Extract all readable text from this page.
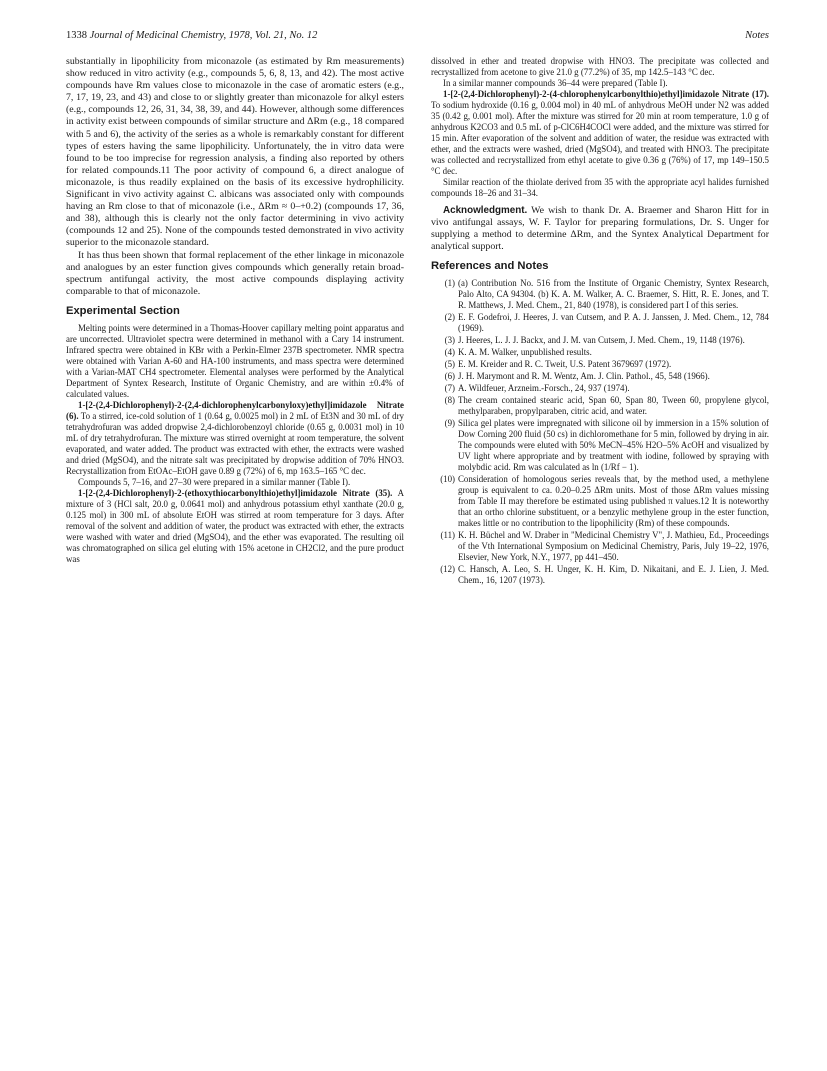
1338 Journal of Medicinal Chemistry, 1978, Vol. 21, No. 12	Notes

substantially in lipophilicity from miconazole (as estimated by Rm measurements) show reduced in vitro activity (e.g., compounds 5, 6, 8, 13, and 42). The most active compounds have Rm values close to miconazole in the case of aromatic esters (e.g., 7, 17, 19, 23, and 43) and close to or slightly greater than miconazole for alkyl esters (e.g., compounds 12, 26, 31, 34, 38, 39, and 44). However, although some differences in activity exist between compounds of similar structure and ΔRm (e.g., 18 compared with 5 and 6), the activity of the series as a whole is remarkably constant for different types of esters having the same lipophilicity. Unfortunately, the in vitro data were found to be too imprecise for regression analysis, a finding also reported by others for related compounds.11 The poor activity of compound 6, a direct analogue of miconazole, is thus readily explained on the basis of its excessive hydrophilicity. Significant in vivo activity against C. albicans was associated only with compounds having an Rm close to that of miconazole (i.e., ΔRm ≈ 0–+0.2) (compounds 17, 36, and 38), although this is clearly not the only factor determining in vivo activity (compounds 12 and 25). None of the compounds tested demonstrated in vivo activity superior to the miconazole standard.

It has thus been shown that formal replacement of the ether linkage in miconazole and analogues by an ester function gives compounds which generally retain broad-spectrum antifungal activity, the most active compounds displaying activity comparable to that of miconazole.

Experimental Section

Melting points were determined in a Thomas-Hoover capillary melting point apparatus and are uncorrected. Ultraviolet spectra were determined in methanol with a Cary 14 instrument. Infrared spectra were obtained in KBr with a Perkin-Elmer 237B spectrometer. NMR spectra were obtained with Varian A-60 and HA-100 instruments, and mass spectra were determined with a Varian-MAT CH4 spectrometer. Elemental analyses were performed by the Analytical Department of Syntex Research, Institute of Organic Chemistry, and are within ±0.4% of calculated values.

1-[2-(2,4-Dichlorophenyl)-2-(2,4-dichlorophenylcarbonyloxy)ethyl]imidazole Nitrate (6). To a stirred, ice-cold solution of 1 (0.64 g, 0.0025 mol) in 2 mL of Et3N and 30 mL of dry tetrahydrofuran was added dropwise 2,4-dichlorobenzoyl chloride (0.65 g, 0.0031 mol) in 10 mL of dry tetrahydrofuran. The mixture was stirred overnight at room temperature, the solvent evaporated, and water added. The product was extracted with ether, the extracts were washed and dried (MgSO4), and the nitrate salt was precipitated by dropwise addition of 70% HNO3. Recrystallization from EtOAc–EtOH gave 0.89 g (72%) of 6, mp 163.5–165 °C dec.

Compounds 5, 7–16, and 27–30 were prepared in a similar manner (Table I).

1-[2-(2,4-Dichlorophenyl)-2-(ethoxythiocarbonylthio)ethyl]imidazole Nitrate (35). A mixture of 3 (HCl salt, 20.0 g, 0.0641 mol) and anhydrous potassium ethyl xanthate (20.0 g, 0.125 mol) in 300 mL of absolute EtOH was stirred at room temperature for 3 days. After removal of the solvent and addition of water, the product was extracted with ether, the extracts were washed with water and dried (MgSO4), and the ether was evaporated. The resulting oil was chromatographed on silica gel eluting with 15% acetone in CH2Cl2, and the pure product was

dissolved in ether and treated dropwise with HNO3. The precipitate was collected and recrystallized from acetone to give 21.0 g (77.2%) of 35, mp 142.5–143 °C dec.

In a similar manner compounds 36–44 were prepared (Table I).

1-[2-(2,4-Dichlorophenyl)-2-(4-chlorophenylcarbonylthio)ethyl]imidazole Nitrate (17). To sodium hydroxide (0.16 g, 0.004 mol) in 40 mL of anhydrous MeOH under N2 was added 35 (0.42 g, 0.001 mol). After the mixture was stirred for 20 min at room temperature, 1.0 g of anhydrous K2CO3 and 0.5 mL of p-ClC6H4COCl were added, and the mixture was stirred for 15 min. After evaporation of the solvent and addition of water, the residue was extracted with ether, and the extracts were washed, dried (MgSO4), and treated with HNO3. The precipitate was collected and recrystallized from ethyl acetate to give 0.36 g (76%) of 17, mp 149–150.5 °C dec.

Similar reaction of the thiolate derived from 35 with the appropriate acyl halides furnished compounds 18–26 and 31–34.

Acknowledgment. We wish to thank Dr. A. Braemer and Sharon Hitt for in vivo antifungal assays, W. F. Taylor for preparing formulations, Dr. S. Unger for supplying a method to determine ΔRm, and the Syntex Analytical Department for analytical support.

References and Notes
(1) (a) Contribution No. 516 from the Institute of Organic Chemistry, Syntex Research, Palo Alto, CA 94304. (b) K. A. M. Walker, A. C. Braemer, S. Hitt, R. E. Jones, and T. R. Matthews, J. Med. Chem., 21, 840 (1978), is considered part I of this series.
(2) E. F. Godefroi, J. Heeres, J. van Cutsem, and P. A. J. Janssen, J. Med. Chem., 12, 784 (1969).
(3) J. Heeres, L. J. J. Backx, and J. M. van Cutsem, J. Med. Chem., 19, 1148 (1976).
(4) K. A. M. Walker, unpublished results.
(5) E. M. Kreider and R. C. Tweit, U.S. Patent 3679697 (1972).
(6) J. H. Marymont and R. M. Wentz, Am. J. Clin. Pathol., 45, 548 (1966).
(7) A. Wildfeuer, Arzneim.-Forsch., 24, 937 (1974).
(8) The cream contained stearic acid, Span 60, Span 80, Tween 60, propylene glycol, methylparaben, propylparaben, citric acid, and water.
(9) Silica gel plates were impregnated with silicone oil by immersion in a 15% solution of Dow Corning 200 fluid (50 cs) in dichloromethane for 5 min, followed by drying in air. The compounds were eluted with 50% MeCN–45% H2O–5% AcOH and visualized by UV light where appropriate and by treatment with iodine, followed by spraying with molybdic acid. Rm was calculated as ln (1/Rf − 1).
(10) Consideration of homologous series reveals that, by the method used, a methylene group is equivalent to ca. 0.20–0.25 ΔRm units. Most of those ΔRm values missing from Table II may therefore be estimated using published π values.12 It is noteworthy that an ortho chlorine substituent, or a benzylic methylene group in the ester function, makes little or no contribution to the lipophilicity (Rm) of these compounds.
(11) K. H. Büchel and W. Draber in "Medicinal Chemistry V", J. Mathieu, Ed., Proceedings of the Vth International Symposium on Medicinal Chemistry, Paris, July 19–22, 1976, Elsevier, New York, N.Y., 1977, pp 441–450.
(12) C. Hansch, A. Leo, S. H. Unger, K. H. Kim, D. Nikaitani, and E. J. Lien, J. Med. Chem., 16, 1207 (1973).
